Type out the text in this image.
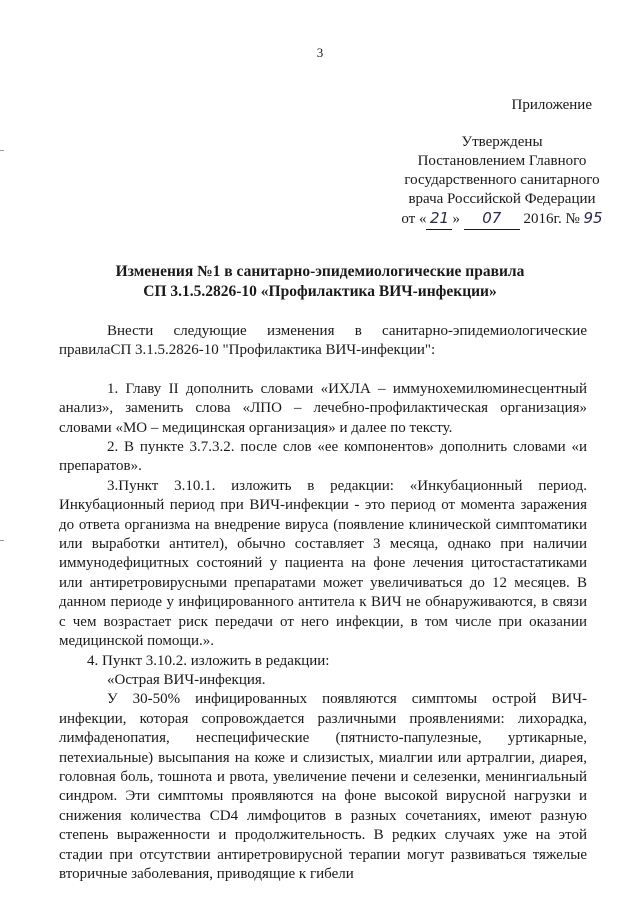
3
Приложение
Утверждены
Постановлением Главного
государственного санитарного
врача Российской Федерации
от « 21 » 07 2016г. № 95
Изменения №1 в санитарно-эпидемиологические правила
СП 3.1.5.2826-10 «Профилактика ВИЧ-инфекции»

Внести следующие изменения в санитарно-эпидемиологические
правилаСП 3.1.5.2826-10 "Профилактика ВИЧ-инфекции":

1. Главу II дополнить словами «ИХЛА – иммунохемилюминесцентный анализ», заменить слова «ЛПО – лечебно-профилактическая организация» словами «МО – медицинская организация» и далее по тексту.

2. В пункте 3.7.3.2. после слов «ее компонентов» дополнить словами «и препаратов».

3.Пункт 3.10.1. изложить в редакции: «Инкубационный период. Инкубационный период при ВИЧ-инфекции - это период от момента заражения до ответа организма на внедрение вируса (появление клинической симптоматики или выработки антител), обычно составляет 3 месяца, однако при наличии иммунодефицитных состояний у пациента на фоне лечения цитостастатиками или антиретровирусными препаратами может увеличиваться до 12 месяцев. В данном периоде у инфицированного антитела к ВИЧ не обнаруживаются, в связи с чем возрастает риск передачи от него инфекции, в том числе при оказании медицинской помощи.».

4. Пункт 3.10.2. изложить в редакции:

«Острая ВИЧ-инфекция.

У 30-50% инфицированных появляются симптомы острой ВИЧ-инфекции, которая сопровождается различными проявлениями: лихорадка, лимфаденопатия, неспецифические (пятнисто-папулезные, уртикарные, петехиальные) высыпания на коже и слизистых, миалгии или артралгии, диарея, головная боль, тошнота и рвота, увеличение печени и селезенки, менингиальный синдром. Эти симптомы проявляются на фоне высокой вирусной нагрузки и снижения количества CD4 лимфоцитов в разных сочетаниях, имеют разную степень выраженности и продолжительность. В редких случаях уже на этой стадии при отсутствии антиретровирусной терапии могут развиваться тяжелые вторичные заболевания, приводящие к гибели
